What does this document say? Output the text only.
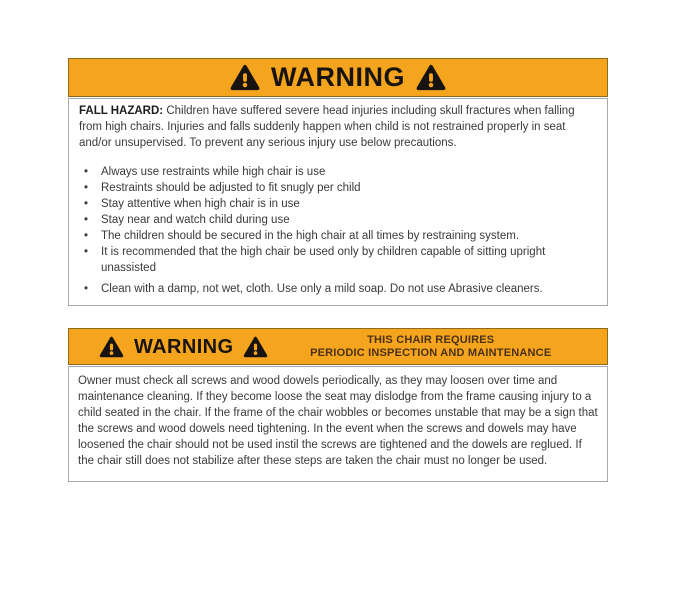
WARNING
FALL HAZARD: Children have suffered severe head injuries including skull fractures when falling from high chairs. Injuries and falls suddenly happen when child is not restrained properly in seat and/or unsupervised. To prevent any serious injury use below precautions.
• Always use restraints while high chair is use
• Restraints should be adjusted to fit snugly per child
• Stay attentive when high chair is in use
• Stay near and watch child during use
• The children should be secured in the high chair at all times by restraining system.
• It is recommended that the high chair be used only by children capable of sitting upright unassisted
• Clean with a damp, not wet, cloth. Use only a mild soap. Do not use Abrasive cleaners.
WARNING	THIS CHAIR REQUIRES
PERIODIC INSPECTION AND MAINTENANCE
Owner must check all screws and wood dowels periodically, as they may loosen over time and maintenance cleaning. If they become loose the seat may dislodge from the frame causing injury to a child seated in the chair. If the frame of the chair wobbles or becomes unstable that may be a sign that the screws and wood dowels need tightening. In the event when the screws and dowels may have loosened the chair should not be used instil the screws are tightened and the dowels are reglued. If the chair still does not stabilize after these steps are taken the chair must no longer be used.
